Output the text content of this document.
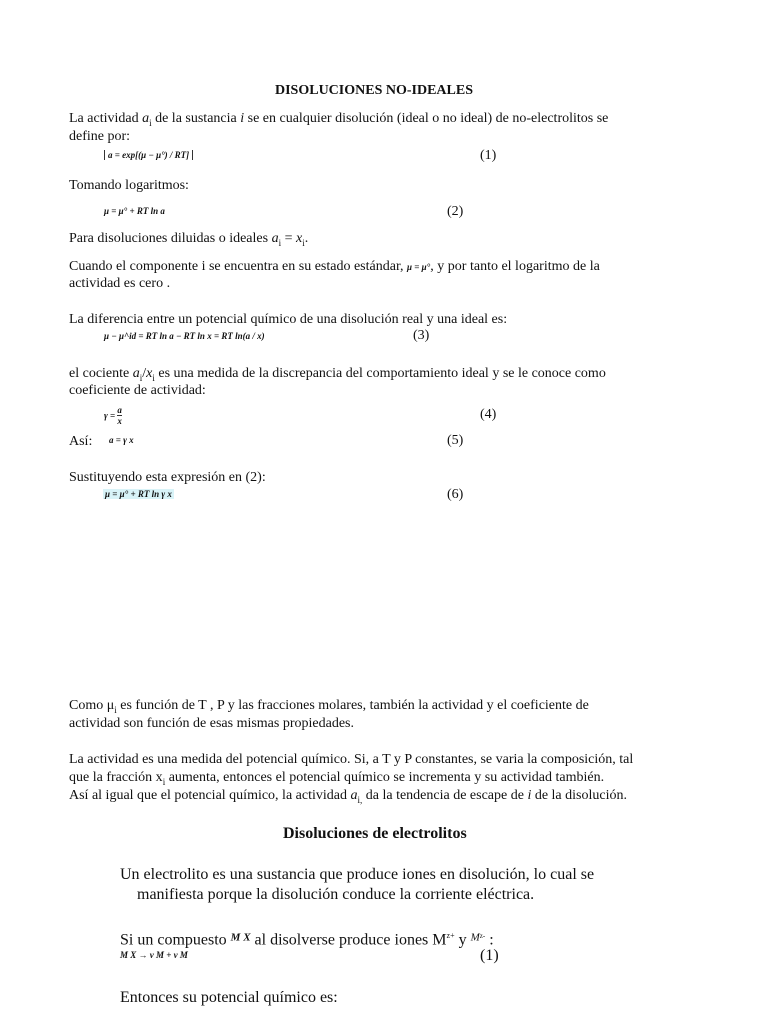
DISOLUCIONES NO-IDEALES
La actividad $a_i$ de la sustancia i se en cualquier disolución (ideal o no ideal) de no-electrolitos se
define por:
a = exp[(μ − μ°) / RT]	(1)
Tomando logaritmos:
μ = μ° + RT ln a	(2)
Para disoluciones diluidas o ideales $a_i = x_i$.
Cuando el componente i se encuentra en su estado estándar, μ = μ°, y por tanto el logaritmo de la
actividad es cero .
La diferencia entre un potencial químico de una disolución real y una ideal es:
μ − μ^id = RT ln a − RT ln x = RT ln(a / x)	(3)
el cociente $a_i/x_i$ es una medida de la discrepancia del comportamiento ideal y se le conoce como
coeficiente de actividad:
$\gamma = \frac{a}{x}$	(4)
Así: a = γ x	(5)
Sustituyendo esta expresión en (2):
μ = μ° + RT ln γ x	(6)
Como $\mu_i$ es función de T , P y las fracciones molares, también la actividad y el coeficiente de
actividad son función de esas mismas propiedades.
La actividad es una medida del potencial químico. Si, a T y P constantes, se varia la composición, tal
que la fracción $x_i$ aumenta, entonces el potencial químico se incrementa y su actividad también.
Así al igual que el potencial químico, la actividad $a_{i,}$ da la tendencia de escape de i de la disolución.
Disoluciones de electrolitos
Un electrolito es una sustancia que produce iones en disolución, lo cual se
manifiesta porque la disolución conduce la corriente eléctrica.
Si un compuesto $^{M X}$ al disolverse produce iones $M^{z+}$ y $^{Mz-}$ :
M X → ν M + ν M	(1)
Entonces su potencial químico es:
